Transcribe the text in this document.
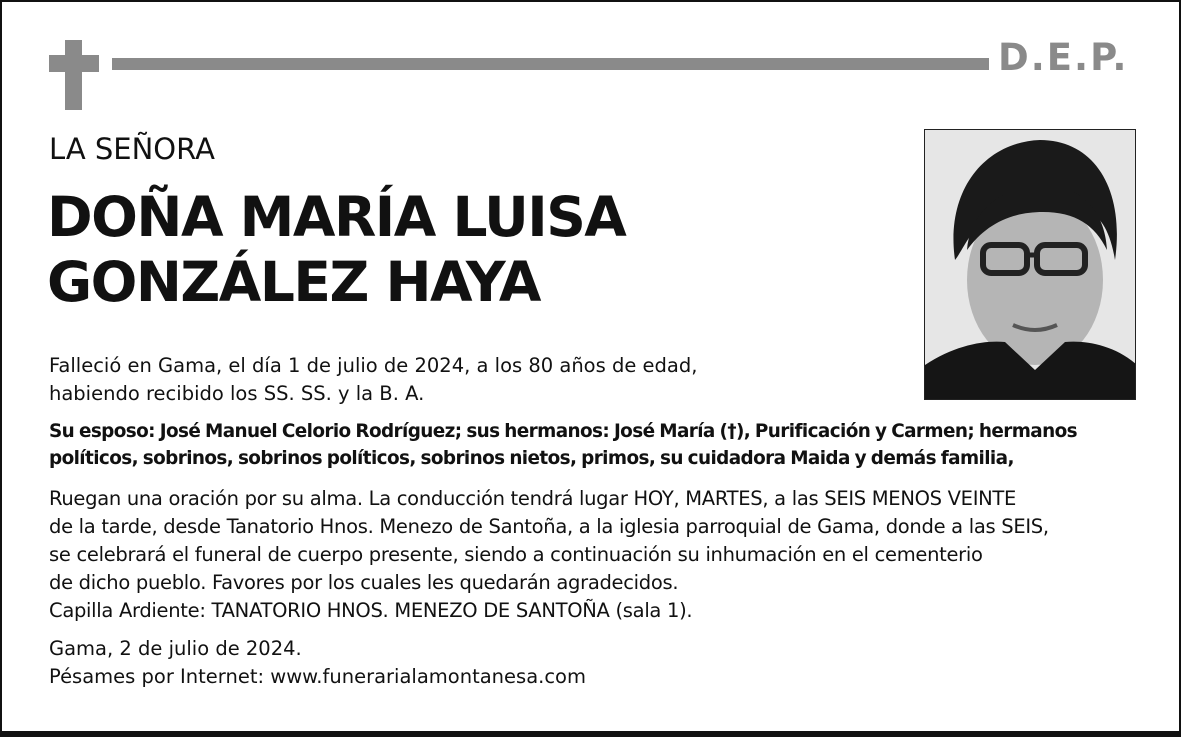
D.E.P.
LA SEÑORA
DOÑA MARÍA LUISA
GONZÁLEZ HAYA
Falleció en Gama, el día 1 de julio de 2024, a los 80 años de edad,
habiendo recibido los SS. SS. y la B. A.
Su esposo: José Manuel Celorio Rodríguez; sus hermanos: José María (†), Purificación y Carmen; hermanos
políticos, sobrinos, sobrinos políticos, sobrinos nietos, primos, su cuidadora Maida y demás familia,
Ruegan una oración por su alma. La conducción tendrá lugar HOY, MARTES, a las SEIS MENOS VEINTE
de la tarde, desde Tanatorio Hnos. Menezo de Santoña, a la iglesia parroquial de Gama, donde a las SEIS,
se celebrará el funeral de cuerpo presente, siendo a continuación su inhumación en el cementerio
de dicho pueblo. Favores por los cuales les quedarán agradecidos.
Capilla Ardiente: TANATORIO HNOS. MENEZO DE SANTOÑA (sala 1).
Gama, 2 de julio de 2024.
Pésames por Internet: www.funerarialamontanesa.com
